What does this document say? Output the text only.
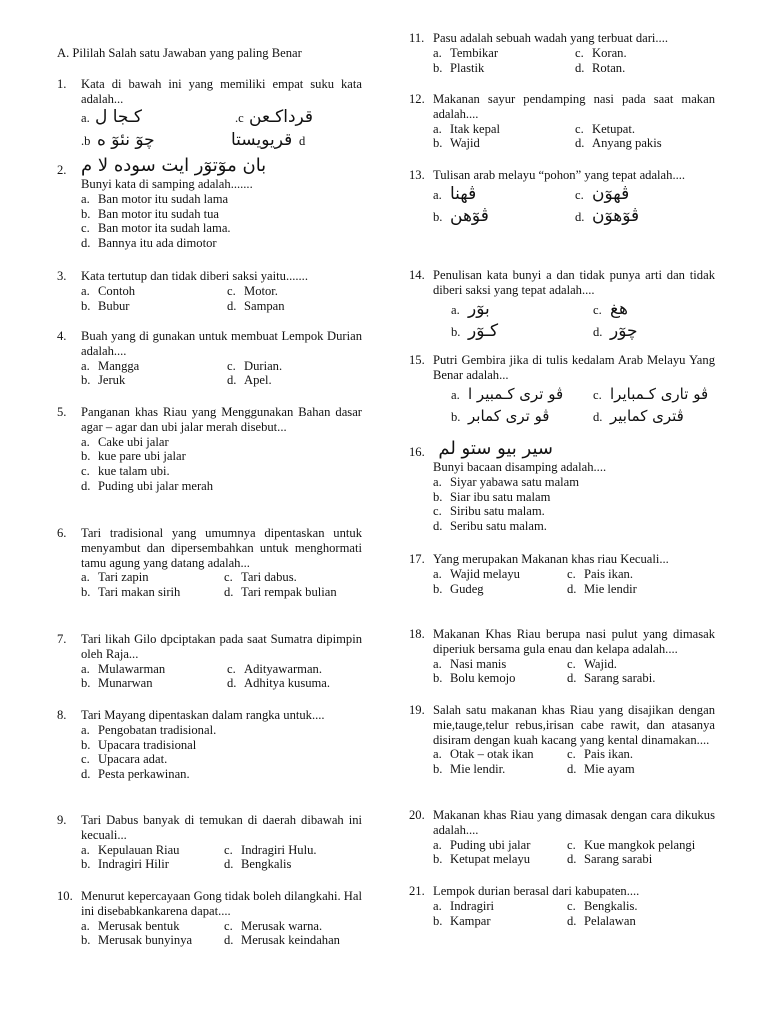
A. Pililah Salah satu Jawaban yang paling Benar
1. Kata di bawah ini yang memiliki empat suku kata adalah...
a. كـجا ل	.c قرداكـعن
.b چوٓ نئوٓ ه	قريويستا d
2. بان موٓتوٓر ايت سوده لا م
Bunyi kata di samping adalah.......
a. Ban motor itu sudah lama
b. Ban motor itu sudah tua
c. Ban motor ita sudah lama.
d. Bannya itu ada dimotor
3. Kata tertutup dan tidak diberi saksi yaitu.......
a. Contoh	c. Motor.
b. Bubur	d. Sampan
4. Buah yang di gunakan untuk membuat Lempok Durian adalah....
a. Mangga	c. Durian.
b. Jeruk	d. Apel.
5. Panganan khas Riau yang Menggunakan Bahan dasar agar – agar dan ubi jalar merah disebut...
a. Cake ubi jalar
b. kue pare ubi jalar
c. kue talam ubi.
d. Puding ubi jalar merah
6. Tari tradisional yang umumnya dipentaskan untuk menyambut dan dipersembahkan untuk menghormati tamu agung yang datang adalah...
a. Tari zapin	c. Tari dabus.
b. Tari makan sirih	d. Tari rempak bulian
7. Tari likah Gilo dpciptakan pada saat Sumatra dipimpin oleh Raja...
a. Mulawarman	c. Adityawarman.
b. Munarwan	d. Adhitya kusuma.
8. Tari Mayang dipentaskan dalam rangka untuk....
a. Pengobatan tradisional.
b. Upacara tradisional
c. Upacara adat.
d. Pesta perkawinan.
9. Tari Dabus banyak di temukan di daerah dibawah ini kecuali...
a. Kepulauan Riau	c. Indragiri Hulu.
b. Indragiri Hilir	d. Bengkalis
10. Menurut kepercayaan Gong tidak boleh dilangkahi. Hal ini disebabkankarena dapat....
a. Merusak bentuk	c. Merusak warna.
b. Merusak bunyinya	d. Merusak keindahan
11. Pasu adalah sebuah wadah yang terbuat dari....
a. Tembikar	c. Koran.
b. Plastik	d. Rotan.
12. Makanan sayur pendamping nasi pada saat makan adalah....
a. Itak kepal	c. Ketupat.
b. Wajid	d. Anyang pakis
13. Tulisan arab melayu “pohon” yang tepat adalah....
a. ڤهنا	c. ڤهوٓن
b. ڤوٓهن	d. ڤوٓهوٓن
14. Penulisan kata bunyi a dan tidak punya arti dan tidak diberi saksi yang tepat adalah....
a. بوٓر	c. هغ
b. كـوٓر	d. چوٓر
15. Putri Gembira jika di tulis kedalam Arab Melayu Yang Benar adalah...
a. ڤو ترى كـمبير ا	c. ڤو تارى كـمبايرا
b. ڤو ترى كمابر	d. ڤترى كمابير
16. سير بيو ستو لم
Bunyi bacaan disamping adalah....
a. Siyar yabawa satu malam
b. Siar ibu satu malam
c. Siribu satu malam.
d. Seribu satu malam.
17. Yang merupakan Makanan khas riau Kecuali...
a. Wajid melayu	c. Pais ikan.
b. Gudeg	d. Mie lendir
18. Makanan Khas Riau berupa nasi pulut yang dimasak diperiuk bersama gula enau dan kelapa adalah....
a. Nasi manis	c. Wajid.
b. Bolu kemojo	d. Sarang sarabi.
19. Salah satu makanan khas Riau yang disajikan dengan mie,tauge,telur rebus,irisan cabe rawit, dan atasanya disiram dengan kuah kacang yang kental dinamakan....
a. Otak – otak ikan	c. Pais ikan.
b. Mie lendir.	d. Mie ayam
20. Makanan khas Riau yang dimasak dengan cara dikukus adalah....
a. Puding ubi jalar	c. Kue mangkok pelangi
b. Ketupat melayu	d. Sarang sarabi
21. Lempok durian berasal dari kabupaten....
a. Indragiri	c. Bengkalis.
b. Kampar	d. Pelalawan
